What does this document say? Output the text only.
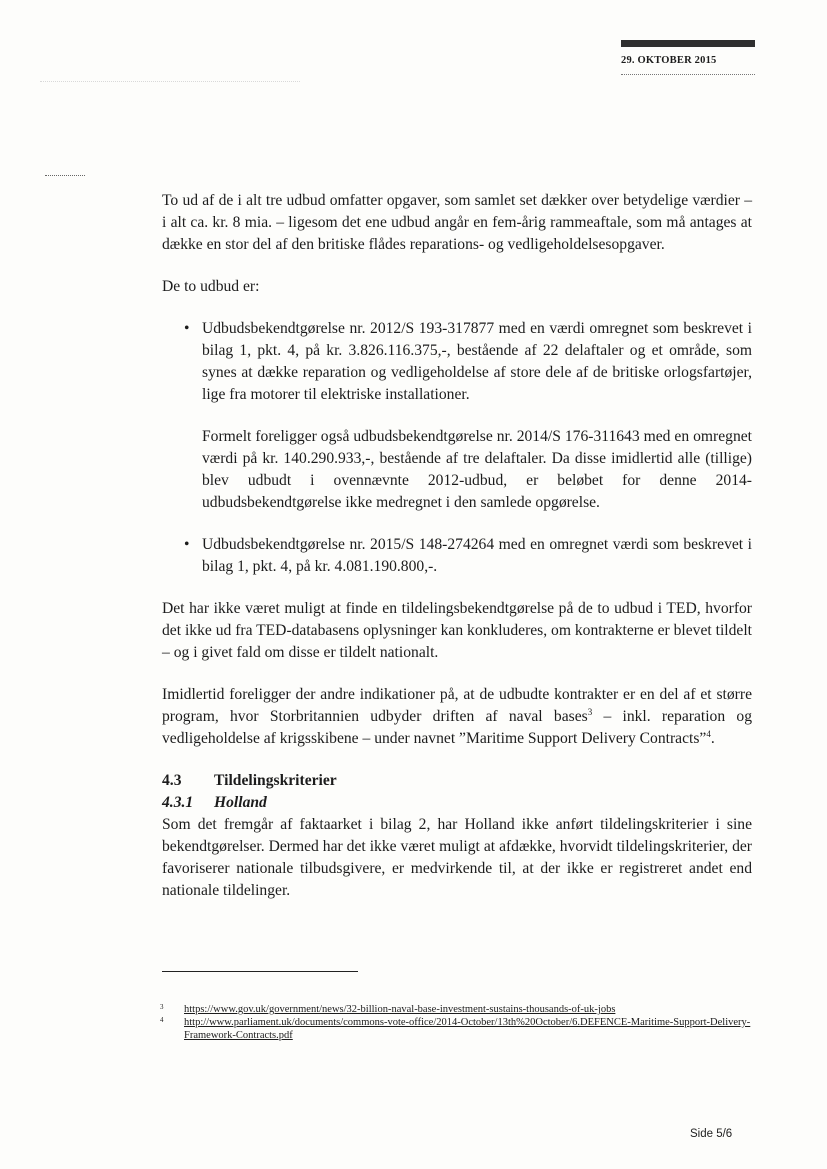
29. OKTOBER 2015

To ud af de i alt tre udbud omfatter opgaver, som samlet set dækker over betydelige værdier – i alt ca. kr. 8 mia. – ligesom det ene udbud angår en fem-årig rammeaftale, som må antages at dække en stor del af den britiske flådes reparations- og vedligeholdelsesopgaver.

De to udbud er:

• Udbudsbekendtgørelse nr. 2012/S 193-317877 med en værdi omregnet som beskrevet i bilag 1, pkt. 4, på kr. 3.826.116.375,-, bestående af 22 delaftaler og et område, som synes at dække reparation og vedligeholdelse af store dele af de britiske orlogsfartøjer, lige fra motorer til elektriske installationer.

Formelt foreligger også udbudsbekendtgørelse nr. 2014/S 176-311643 med en omregnet værdi på kr. 140.290.933,-, bestående af tre delaftaler. Da disse imidlertid alle (tillige) blev udbudt i ovennævnte 2012-udbud, er beløbet for denne 2014-udbudsbekendtgørelse ikke medregnet i den samlede opgørelse.

• Udbudsbekendtgørelse nr. 2015/S 148-274264 med en omregnet værdi som beskrevet i bilag 1, pkt. 4, på kr. 4.081.190.800,-.

Det har ikke været muligt at finde en tildelingsbekendtgørelse på de to udbud i TED, hvorfor det ikke ud fra TED-databasens oplysninger kan konkluderes, om kontrakterne er blevet tildelt – og i givet fald om disse er tildelt nationalt.

Imidlertid foreligger der andre indikationer på, at de udbudte kontrakter er en del af et større program, hvor Storbritannien udbyder driften af naval bases$^3$ – inkl. reparation og vedligeholdelse af krigsskibene – under navnet ”Maritime Support Delivery Contracts”$^4$.

4.3 Tildelingskriterier
4.3.1 Holland

Som det fremgår af faktaarket i bilag 2, har Holland ikke anført tildelingskriterier i sine bekendtgørelser. Dermed har det ikke været muligt at afdække, hvorvidt tildelingskriterier, der favoriserer nationale tilbudsgivere, er medvirkende til, at der ikke er registreret andet end nationale tildelinger.

3 https://www.gov.uk/government/news/32-billion-naval-base-investment-sustains-thousands-of-uk-jobs
4 http://www.parliament.uk/documents/commons-vote-office/2014-October/13th%20October/6.DEFENCE-Maritime-Support-Delivery-Framework-Contracts.pdf
Side 5/6
